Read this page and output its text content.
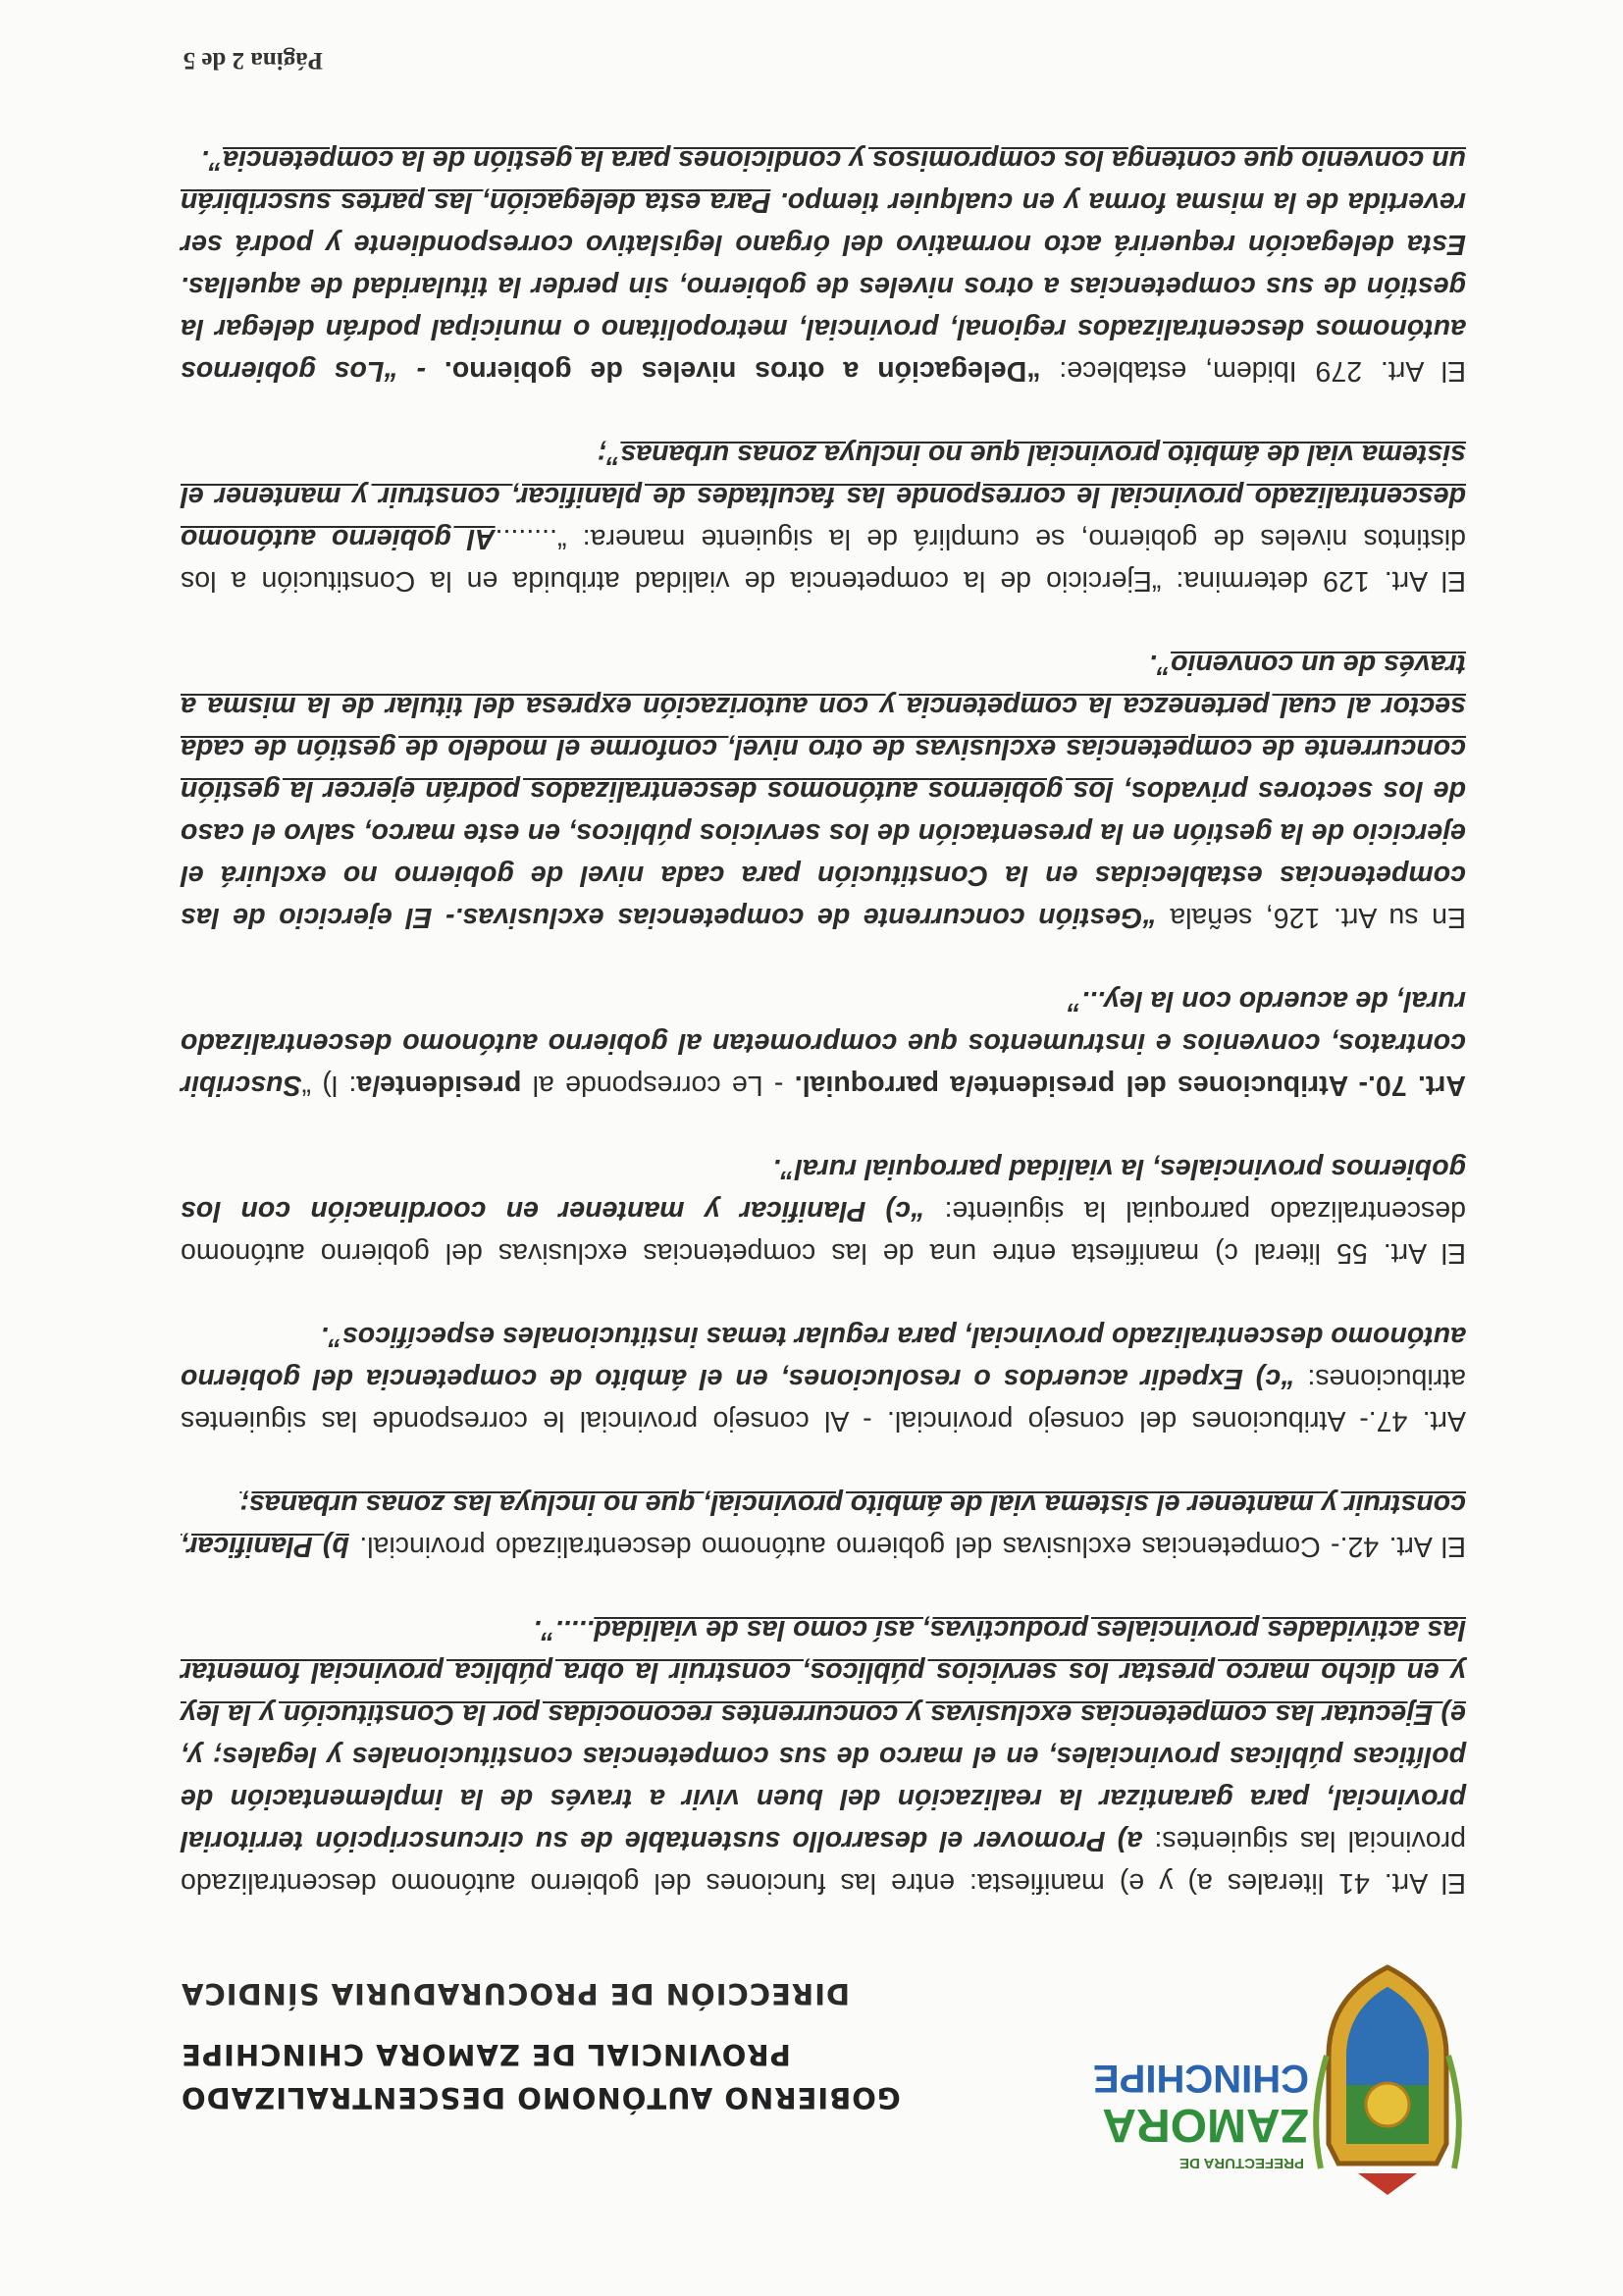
PREFECTURA DE
ZAMORA
CHINCHIPE
GOBIERNO AUTÓNOMO DESCENTRALIZADO
PROVINCIAL DE ZAMORA CHINCHIPE
DIRECCIÓN DE PROCURADURIA SÍNDICA

El Art. 41 literales a) y e) manifiesta: entre las funciones del gobierno autónomo descentralizado provincial las siguientes: a) Promover el desarrollo sustentable de su circunscripción territorial provincial, para garantizar la realización del buen vivir a través de la implementación de políticas públicas provinciales, en el marco de sus competencias constitucionales y legales; y, e) Ejecutar las competencias exclusivas y concurrentes reconocidas por la Constitución y la ley y en dicho marco prestar los servicios públicos, construir la obra pública provincial fomentar las actividades provinciales productivas, así como las de vialidad.....”.

El Art. 42.- Competencias exclusivas del gobierno autónomo descentralizado provincial. b) Planificar, construir y mantener el sistema vial de ámbito provincial, que no incluya las zonas urbanas;

Art. 47.- Atribuciones del consejo provincial. - Al consejo provincial le corresponde las siguientes atribuciones: “c) Expedir acuerdos o resoluciones, en el ámbito de competencia del gobierno autónomo descentralizado provincial, para regular temas institucionales específicos”.

El Art. 55 literal c) manifiesta entre una de las competencias exclusivas del gobierno autónomo descentralizado parroquial la siguiente: “c) Planificar y mantener en coordinación con los gobiernos provinciales, la vialidad parroquial rural”.

Art. 70.- Atribuciones del presidente/a parroquial. - Le corresponde al presidente/a: l) “Suscribir contratos, convenios e instrumentos que comprometan al gobierno autónomo descentralizado rural, de acuerdo con la ley...”

En su Art. 126, señala “Gestión concurrente de competencias exclusivas.- El ejercicio de las competencias establecidas en la Constitución para cada nivel de gobierno no excluirá el ejercicio de la gestión en la presentación de los servicios públicos, en este marco, salvo el caso de los sectores privados, los gobiernos autónomos descentralizados podrán ejercer la gestión concurrente de competencias exclusivas de otro nivel, conforme el modelo de gestión de cada sector al cual pertenezca la competencia y con autorización expresa del titular de la misma a través de un convenio”.

El Art. 129 determina: “Ejercicio de la competencia de vialidad atribuida en la Constitución a los distintos niveles de gobierno, se cumplirá de la siguiente manera: “........Al gobierno autónomo descentralizado provincial le corresponde las facultades de planificar, construir y mantener el sistema vial de ámbito provincial que no incluya zonas urbanas”;

El Art. 279 Ibidem, establece: “Delegación a otros niveles de gobierno. - “Los gobiernos autónomos descentralizados regional, provincial, metropolitano o municipal podrán delegar la gestión de sus competencias a otros niveles de gobierno, sin perder la titularidad de aquellas. Esta delegación requerirá acto normativo del órgano legislativo correspondiente y podrá ser revertida de la misma forma y en cualquier tiempo. Para esta delegación, las partes suscribirán un convenio que contenga los compromisos y condiciones para la gestión de la competencia”.

Página 2 de 5
